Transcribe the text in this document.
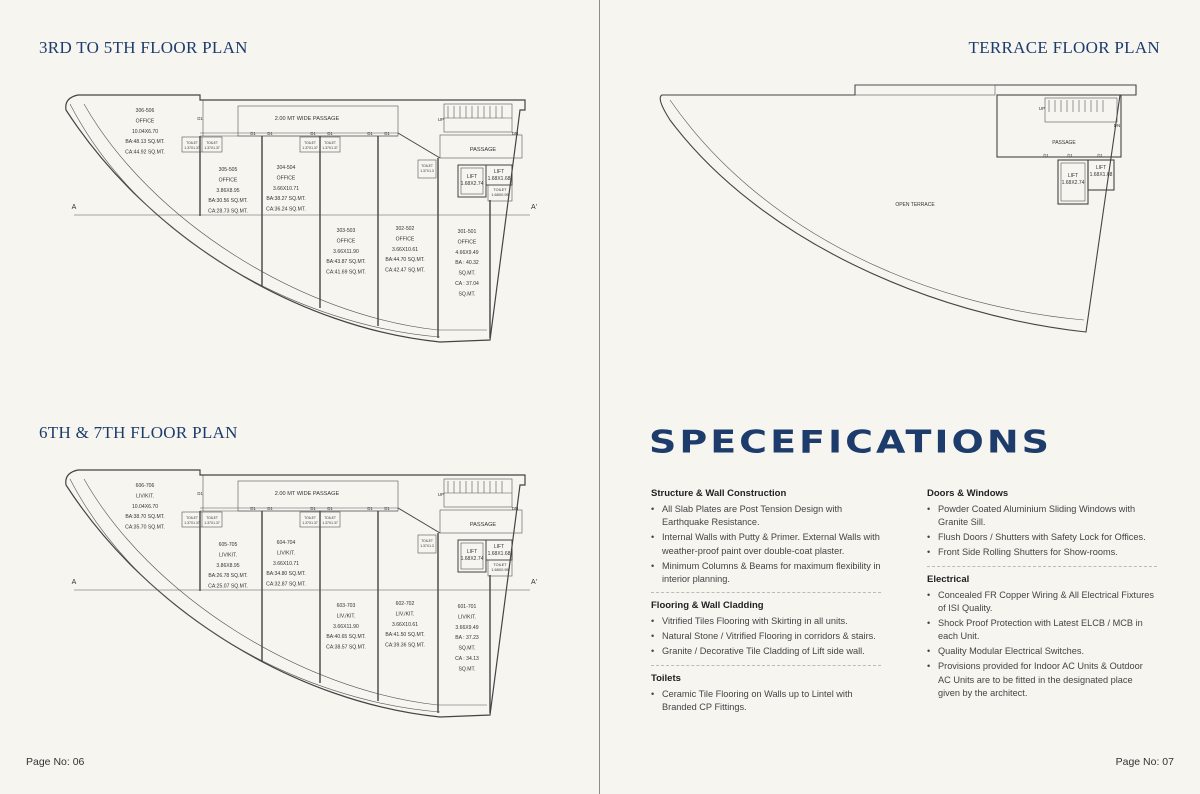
3RD TO 5TH FLOOR PLAN
2.00 MT WIDE PASSAGE
PASSAGE
UP
DN
A	A'
LIFT
1.68X2.74
LIFT
1.68X1.68
TOILET
1.68X0.95
TOILET
1.37X1.3
TOILET
1.37X1.37
TOILET
1.37X1.37
TOILET
1.37X1.37
TOILET
1.37X1.37
D1
D1	D1	D1	D1	D1	D1
306-506
OFFICE
10.04X6.70
BA:48.13 SQ.MT.
CA:44.92 SQ.MT.
305-505
OFFICE
3.86X8.95
BA:30.56 SQ.MT.
CA:28.73 SQ.MT.
304-504
OFFICE
3.66X10.71
BA:38.27 SQ.MT.
CA:36.24 SQ.MT.
303-503
OFFICE
3.66X11.90
BA:43.87 SQ.MT.
CA:41.69 SQ.MT.
302-502
OFFICE
3.66X10.61
BA:44.70 SQ.MT.
CA:42.47 SQ.MT.
301-501
OFFICE
4.66X9.49
BA : 40.32
SQ.MT.
CA : 37.04
SQ.MT.
6TH & 7TH FLOOR PLAN
2.00 MT WIDE PASSAGE
PASSAGE
UP
DN
A	A'
LIFT
1.68X2.74
LIFT
1.68X1.68
TOILET
1.68X0.95
TOILET
1.37X1.3
TOILET
1.37X1.37
TOILET
1.37X1.37
TOILET
1.37X1.37
TOILET
1.37X1.37
D1
D1	D1	D1	D1	D1	D1
606-706
LIV/KIT.
10.04X6.70
BA:38.70 SQ.MT.
CA:35.70 SQ.MT.
605-705
LIV/KIT.
3.86X8.95
BA:26.78 SQ.MT.
CA:25.07 SQ.MT.
604-704
LIV/KIT.
3.66X10.71
BA:34.80 SQ.MT.
CA:32.87 SQ.MT.
603-703
LIV./KIT.
3.66X11.90
BA:40.65 SQ.MT.
CA:38.57 SQ.MT.
602-702
LIV./KIT.
3.66X10.61
BA:41.50 SQ.MT.
CA:39.36 SQ.MT.
601-701
LIV/KIT.
3.66X9.49
BA : 37.23
SQ.MT.
CA : 34.13
SQ.MT.
Page No: 06
TERRACE FLOOR PLAN
OPEN TERRACE
PASSAGE
UP
DN
LIFT
1.68X2.74
LIFT
1.68X1.68
D1	D1	D1
SPECEFICATIONS
Structure & Wall Construction
• All Slab Plates are Post Tension Design with Earthquake Resistance.
• Internal Walls with Putty & Primer. External Walls with weather-proof paint over double-coat plaster.
• Minimum Columns & Beams for maximum flexibility in interior planning.
Flooring & Wall Cladding
• Vitrified Tiles Flooring with Skirting in all units.
• Natural Stone / Vitrified Flooring in corridors & stairs.
• Granite / Decorative Tile Cladding of Lift side wall.
Toilets
• Ceramic Tile Flooring on Walls up to Lintel with Branded CP Fittings.
Doors & Windows
• Powder Coated Aluminium Sliding Windows with Granite Sill.
• Flush Doors / Shutters with Safety Lock for Offices.
• Front Side Rolling Shutters for Show-rooms.
Electrical
• Concealed FR Copper Wiring & All Electrical Fixtures of ISI Quality.
• Shock Proof Protection with Latest ELCB / MCB in each Unit.
• Quality Modular Electrical Switches.
• Provisions provided for Indoor AC Units & Outdoor AC Units are to be fitted in the designated place given by the architect.
Page No: 07
